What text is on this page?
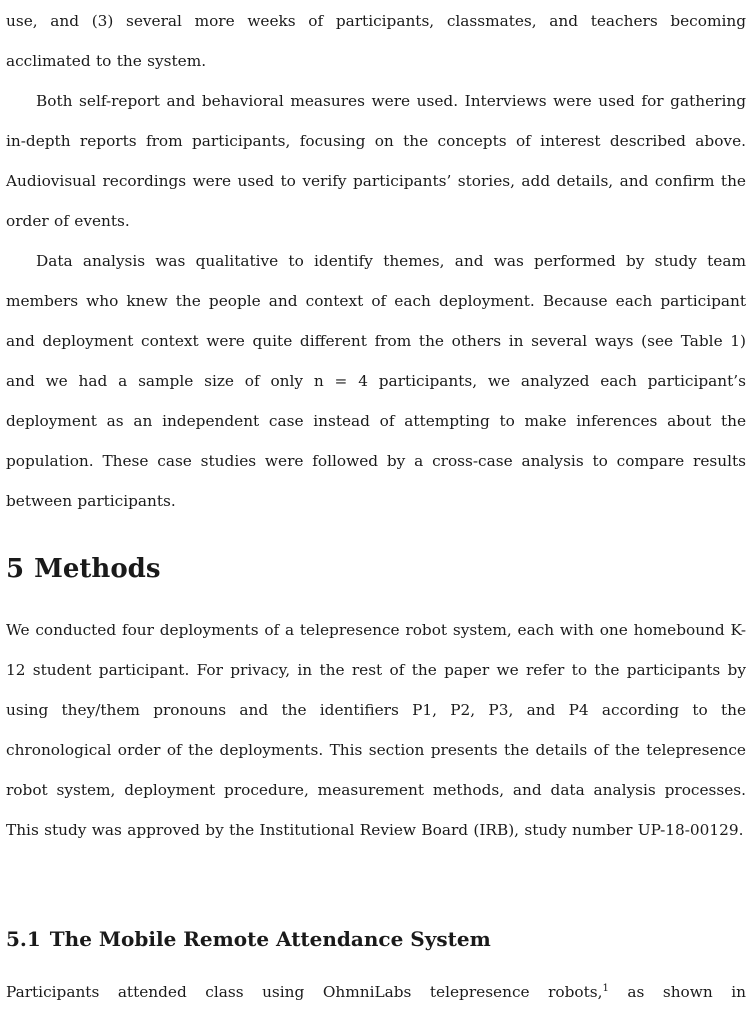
use, and (3) several more weeks of participants, classmates, and teachers becoming acclimated to the system.

Both self-report and behavioral measures were used. Interviews were used for gathering in-depth reports from participants, focusing on the concepts of interest described above. Audiovisual recordings were used to verify participants’ stories, add details, and confirm the order of events.

Data analysis was qualitative to identify themes, and was performed by study team members who knew the people and context of each deployment. Because each participant and deployment context were quite different from the others in several ways (see Table 1) and we had a sample size of only n = 4 participants, we analyzed each participant’s deployment as an independent case instead of attempting to make inferences about the population. These case studies were followed by a cross-case analysis to compare results between participants.

5 Methods

We conducted four deployments of a telepresence robot system, each with one homebound K-12 student participant. For privacy, in the rest of the paper we refer to the participants by using they/them pronouns and the identifiers P1, P2, P3, and P4 according to the chronological order of the deployments. This section presents the details of the telepresence robot system, deployment procedure, measurement methods, and data analysis processes. This study was approved by the Institutional Review Board (IRB), study number UP-18-00129.

5.1 The Mobile Remote Attendance System

Participants attended class using OhmniLabs telepresence robots,$^1$ as shown in
